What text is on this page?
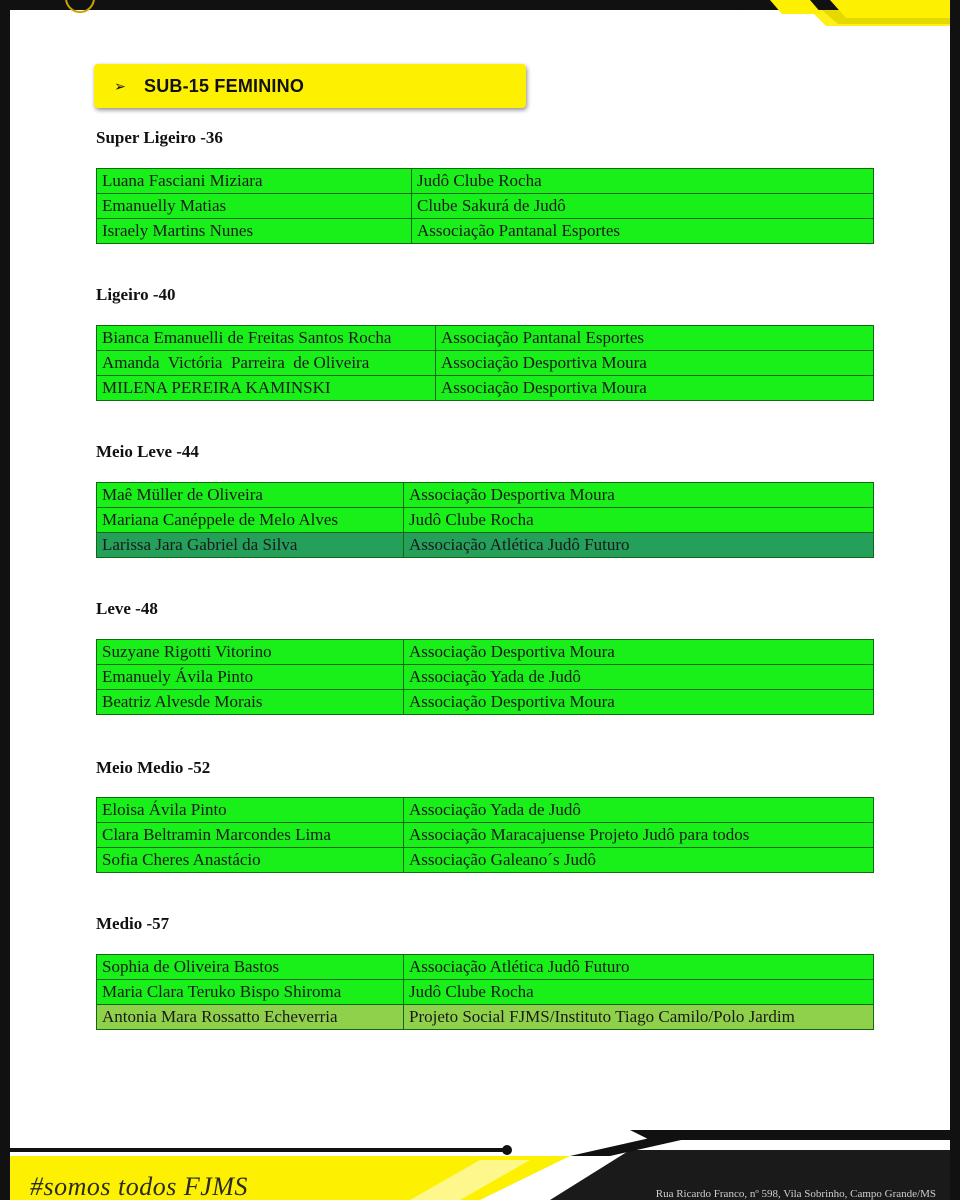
➢	SUB-15 FEMININO
Super Ligeiro -36
Luana Fasciani Miziara	Judô Clube Rocha
Emanuelly Matias	Clube Sakurá de Judô
Israely Martins Nunes	Associação Pantanal Esportes
Ligeiro -40
Bianca Emanuelli de Freitas Santos Rocha	Associação Pantanal Esportes
Amanda  Victória  Parreira  de Oliveira	Associação Desportiva Moura
MILENA PEREIRA KAMINSKI	Associação Desportiva Moura
Meio Leve -44
Maê Müller de Oliveira	Associação Desportiva Moura
Mariana Canéppele de Melo Alves	Judô Clube Rocha
Larissa Jara Gabriel da Silva	Associação Atlética Judô Futuro
Leve -48
Suzyane Rigotti Vitorino	Associação Desportiva Moura
Emanuely Ávila Pinto	Associação Yada de Judô
Beatriz Alvesde Morais	Associação Desportiva Moura
Meio Medio -52
Eloisa Ávila Pinto	Associação Yada de Judô
Clara Beltramin Marcondes Lima	Associação Maracajuense Projeto Judô para todos
Sofia Cheres Anastácio	Associação Galeano´s Judô
Medio -57
Sophia de Oliveira Bastos	Associação Atlética Judô Futuro
Maria Clara Teruko Bispo Shiroma	Judô Clube Rocha
Antonia Mara Rossatto Echeverria	Projeto Social FJMS/Instituto Tiago Camilo/Polo Jardim
#somos todos FJMS	Rua Ricardo Franco, nº 598, Vila Sobrinho, Campo Grande/MS
